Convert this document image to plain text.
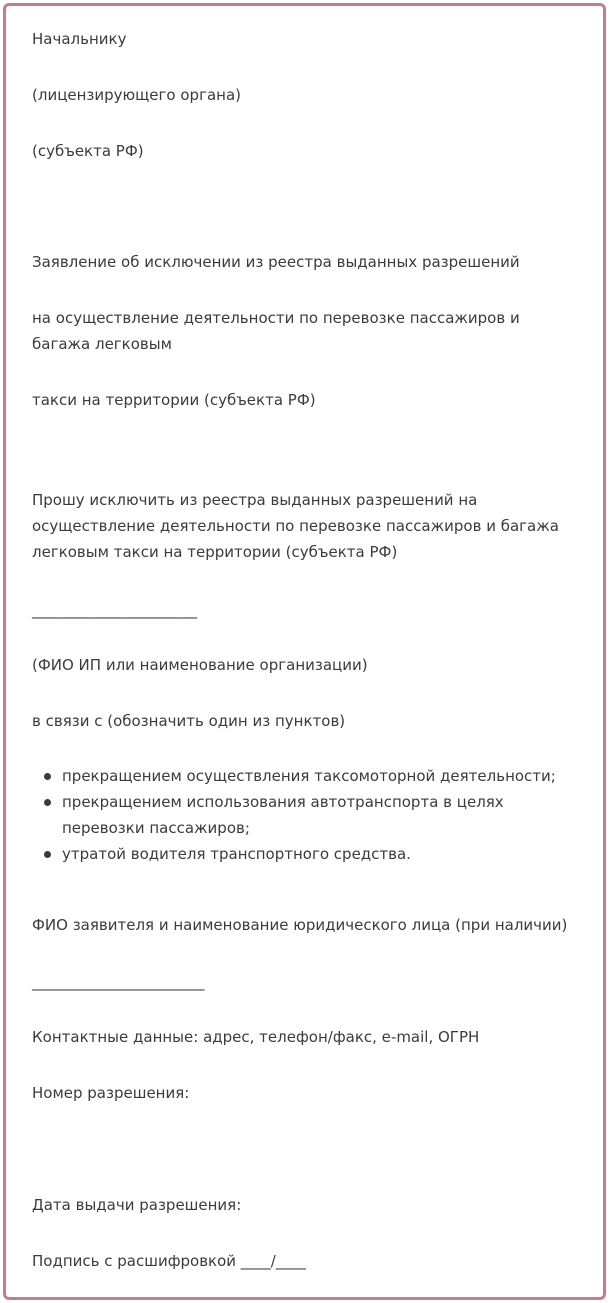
Начальнику
(лицензирующего органа)
(субъекта РФ)
Заявление об исключении из реестра выданных разрешений
на осуществление деятельности по перевозке пассажиров и багажа легковым
такси на территории (субъекта РФ)
Прошу исключить из реестра выданных разрешений на осуществление деятельности по перевозке пассажиров и багажа легковым такси на территории (субъекта РФ)
______________________
(ФИО ИП или наименование организации)
в связи с (обозначить один из пунктов)
прекращением осуществления таксомоторной деятельности;
прекращением использования автотранспорта в целях перевозки пассажиров;
утратой водителя транспортного средства.
ФИО заявителя и наименование юридического лица (при наличии)
_______________________
Контактные данные: адрес, телефон/факс, e-mail, ОГРН
Номер разрешения:
Дата выдачи разрешения:
Подпись с расшифровкой ____/____
